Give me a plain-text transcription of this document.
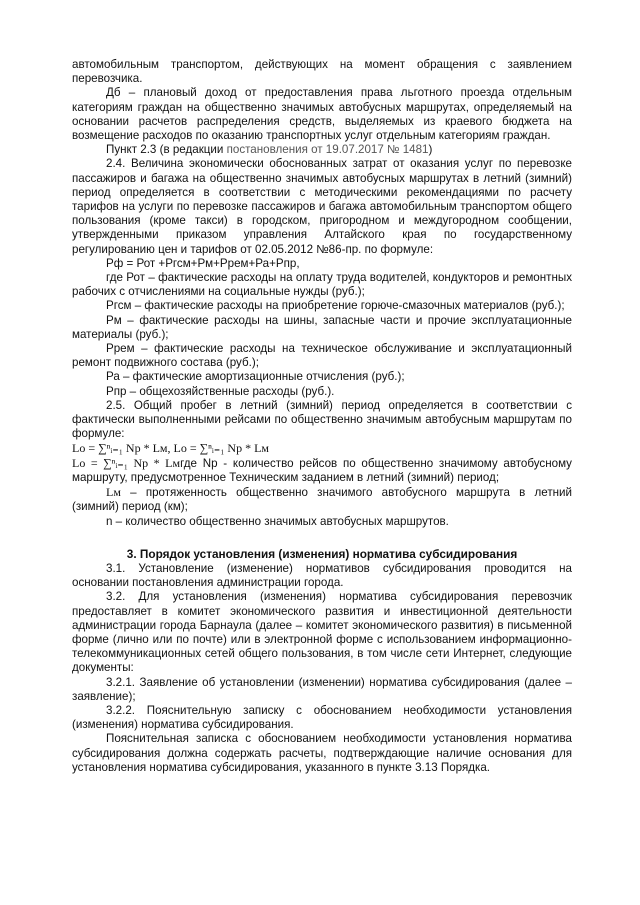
автомобильным транспортом, действующих на момент обращения с заявлением перевозчика.

Дб – плановый доход от предоставления права льготного проезда отдельным категориям граждан на общественно значимых автобусных маршрутах, определяемый на основании расчетов распределения средств, выделяемых из краевого бюджета на возмещение расходов по оказанию транспортных услуг отдельным категориям граждан.

Пункт 2.3 (в редакции постановления от 19.07.2017 № 1481)

2.4. Величина экономически обоснованных затрат от оказания услуг по перевозке пассажиров и багажа на общественно значимых автобусных маршрутах в летний (зимний) период определяется в соответствии с методическими рекомендациями по расчету тарифов на услуги по перевозке пассажиров и багажа автомобильным транспортом общего пользования (кроме такси) в городском, пригородном и междугородном сообщении, утвержденными приказом управления Алтайского края по государственному регулированию цен и тарифов от 02.05.2012 №86-пр. по формуле:

Рф = Рот +Ргсм+Рм+Ррем+Ра+Рпр,

где Рот – фактические расходы на оплату труда водителей, кондукторов и ремонтных рабочих с отчислениями на социальные нужды (руб.);

Ргсм – фактические расходы на приобретение горюче-смазочных материалов (руб.);

Рм – фактические расходы на шины, запасные части и прочие эксплуатационные материалы (руб.);

Ррем – фактические расходы на техническое обслуживание и эксплуатационный ремонт подвижного состава (руб.);

Ра – фактические амортизационные отчисления (руб.);

Рпр – общехозяйственные расходы (руб.).

2.5. Общий пробег в летний (зимний) период определяется в соответствии с фактически выполненными рейсами по общественно значимым автобусным маршрутам по формуле:

Lо = ∑ⁿᵢ₌₁ Np * Lм, Lо = ∑ⁿᵢ₌₁ Np * Lм

Lо = ∑ⁿᵢ₌₁ Np * Lмгде Np - количество рейсов по общественно значимому автобусному маршруту, предусмотренное Техническим заданием в летний (зимний) период;

Lм – протяженность общественно значимого автобусного маршрута в летний (зимний) период (км);

n – количество общественно значимых автобусных маршрутов.

3. Порядок установления (изменения) норматива субсидирования

3.1. Установление (изменение) нормативов субсидирования проводится на основании постановления администрации города.

3.2. Для установления (изменения) норматива субсидирования перевозчик предоставляет в комитет экономического развития и инвестиционной деятельности администрации города Барнаула (далее – комитет экономического развития) в письменной форме (лично или по почте) или в электронной форме с использованием информационно-телекоммуникационных сетей общего пользования, в том числе сети Интернет, следующие документы:

3.2.1. Заявление об установлении (изменении) норматива субсидирования (далее – заявление);

3.2.2. Пояснительную записку с обоснованием необходимости установления (изменения) норматива субсидирования.

Пояснительная записка с обоснованием необходимости установления норматива субсидирования должна содержать расчеты, подтверждающие наличие основания для установления норматива субсидирования, указанного в пункте 3.13 Порядка.
